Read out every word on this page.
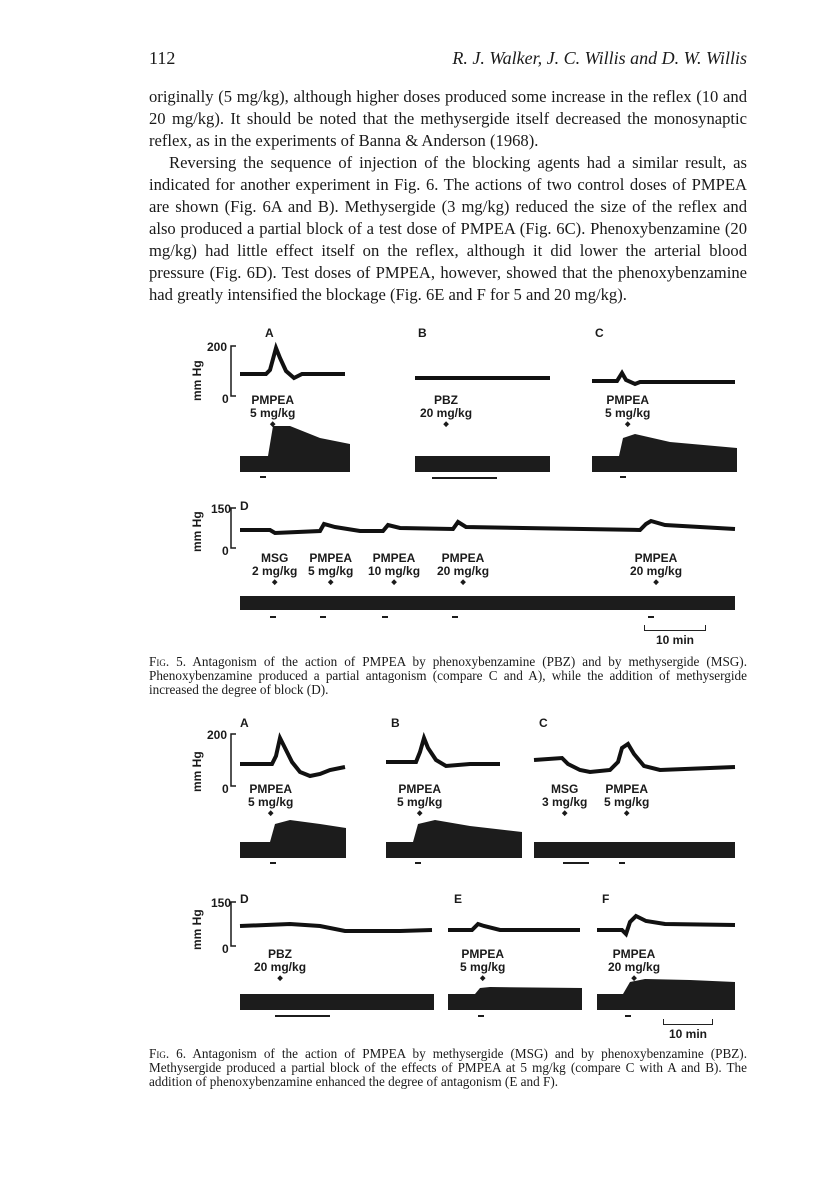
112	R. J. Walker, J. C. Willis and D. W. Willis

originally (5 mg/kg), although higher doses produced some increase in the reflex (10 and 20 mg/kg). It should be noted that the methysergide itself decreased the monosynaptic reflex, as in the experiments of Banna & Anderson (1968).

Reversing the sequence of injection of the blocking agents had a similar result, as indicated for another experiment in Fig. 6. The actions of two control doses of PMPEA are shown (Fig. 6A and B). Methysergide (3 mg/kg) reduced the size of the reflex and also produced a partial block of a test dose of PMPEA (Fig. 6C). Phenoxybenzamine (20 mg/kg) had little effect itself on the reflex, although it did lower the arterial blood pressure (Fig. 6D). Test doses of PMPEA, however, showed that the phenoxybenzamine had greatly intensified the blockage (Fig. 6E and F for 5 and 20 mg/kg).

mm Hg
200
0
mm Hg
150
0
A	B	C
D
PMPEA
5 mg/kg
◆
PBZ
20 mg/kg
◆
PMPEA
5 mg/kg
◆
MSG
2 mg/kg
◆
PMPEA
5 mg/kg
◆
PMPEA
10 mg/kg
◆
PMPEA
20 mg/kg
◆
PMPEA
20 mg/kg
◆
10 min

Fig. 5. Antagonism of the action of PMPEA by phenoxybenzamine (PBZ) and by methysergide (MSG). Phenoxybenzamine produced a partial antagonism (compare C and A), while the addition of methysergide increased the degree of block (D).

mm Hg
200
0
mm Hg
150
0
A	B	C
D	E	F
PMPEA
5 mg/kg
◆
PMPEA
5 mg/kg
◆
MSG
3 mg/kg
◆
PMPEA
5 mg/kg
◆
PBZ
20 mg/kg
◆
PMPEA
5 mg/kg
◆
PMPEA
20 mg/kg
◆
10 min

Fig. 6. Antagonism of the action of PMPEA by methysergide (MSG) and by phenoxybenzamine (PBZ). Methysergide produced a partial block of the effects of PMPEA at 5 mg/kg (compare C with A and B). The addition of phenoxybenzamine enhanced the degree of antagonism (E and F).
